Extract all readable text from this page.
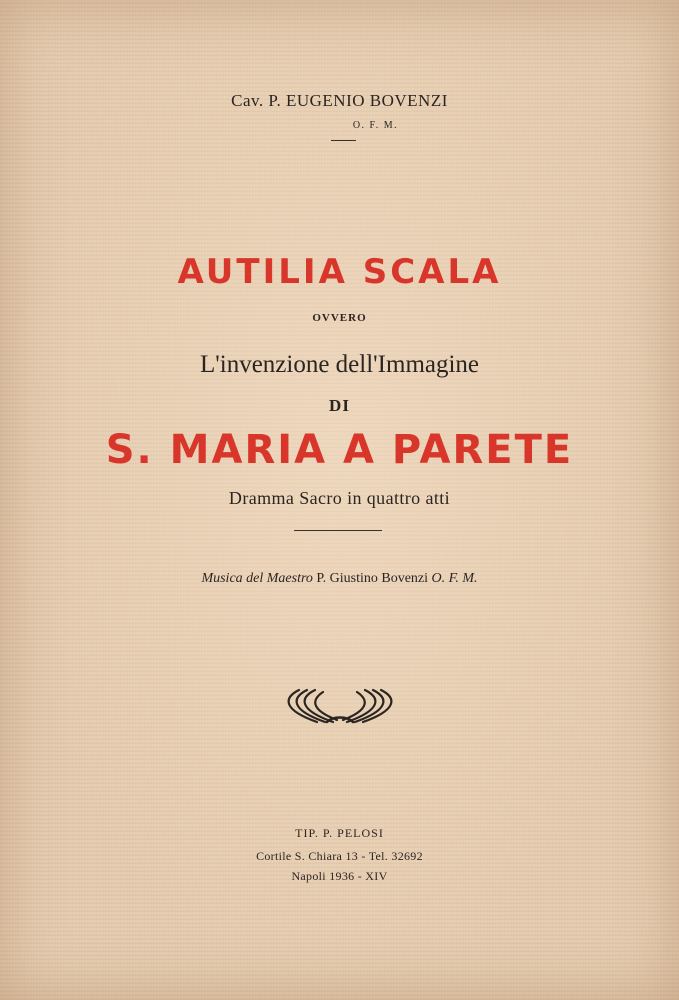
Cav. P. EUGENIO BOVENZI
O. F. M.
AUTILIA SCALA
OVVERO
L'invenzione dell'Immagine
DI
S. MARIA A PARETE
Dramma Sacro in quattro atti
Musica del Maestro P. Giustino Bovenzi O. F. M.
TIP. P. PELOSI
Cortile S. Chiara 13 - Tel. 32692
Napoli 1936 - XIV
